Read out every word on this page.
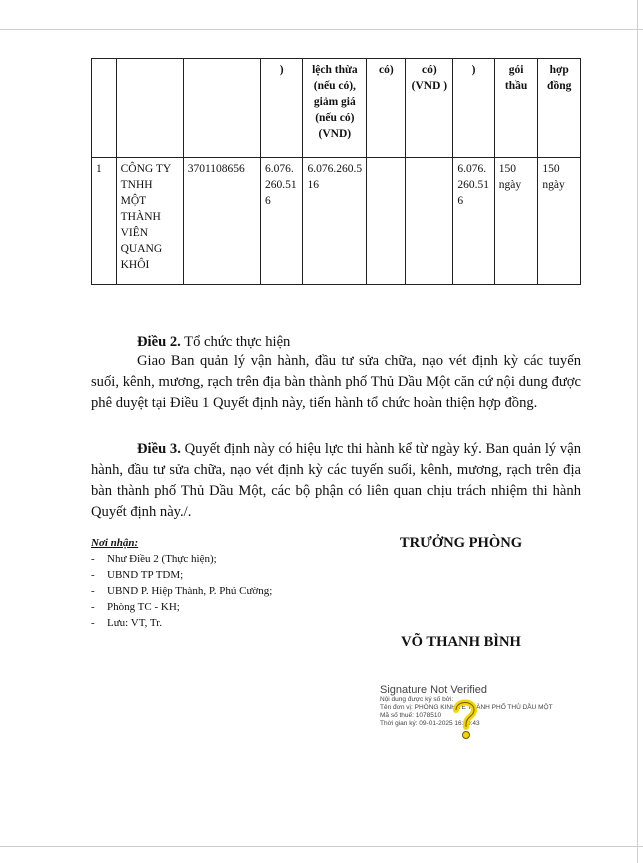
			)	lệch thừa (nếu có), giảm giá (nếu có) (VND)	có)	có) (VND )	)	gói thầu	hợp đồng
1	CÔNG TY TNHH MỘT THÀNH VIÊN QUANG KHÔI	3701108656	6.076.260.516	6.076.260.516			6.076.260.516	150 ngày	150 ngày

Điều 2. Tổ chức thực hiện

Giao Ban quản lý vận hành, đầu tư sửa chữa, nạo vét định kỳ các tuyến suối, kênh, mương, rạch trên địa bàn thành phố Thủ Dầu Một căn cứ nội dung được phê duyệt tại Điều 1 Quyết định này, tiến hành tổ chức hoàn thiện hợp đồng.

Điều 3. Quyết định này có hiệu lực thi hành kể từ ngày ký. Ban quản lý vận hành, đầu tư sửa chữa, nạo vét định kỳ các tuyến suối, kênh, mương, rạch trên địa bàn thành phố Thủ Dầu Một, các bộ phận có liên quan chịu trách nhiệm thi hành Quyết định này./.

Nơi nhận:
- Như Điều 2 (Thực hiện);
- UBND TP TDM;
- UBND P. Hiệp Thành, P. Phú Cường;
- Phòng TC - KH;
- Lưu: VT, Tr.
TRƯỞNG PHÒNG
VÕ THANH BÌNH
Signature Not Verified
Nội dung được ký số bởi:
Tên đơn vị: PHÒNG KINH TẾ THÀNH PHỐ THỦ DẦU MỘT
Mã số thuế: 1078510
Thời gian ký: 09-01-2025 16:00:43
